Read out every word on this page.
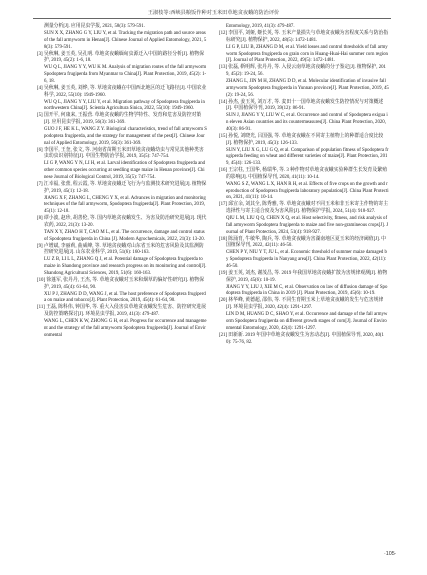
王淑枝等:西峡县粮饭作种对玉米田草地贪夜蛾的防治评价

测量分析[J]. 应用昆虫学报, 2021, 58(3): 579-591.

SUN X X, ZHANG G Y, LIU Y, et al. Tracking the migration path and source areas of the fall armyworm in Henan[J]. Chinese Journal of Applied Entomology, 2021, 58(3): 579-591.

[3] 吴秋琳, 姜玉英, 吴孔明. 草地贪夜蛾缅甸虫源迁入中国的路径分析[J]. 植物保护, 2019, 45(2): 1-6, 18.

WU Q L, JIANG Y Y, WU K M. Analysis of migration routes of the fall armyworm Spodoptera frugiperda from Myanmar to China[J]. Plant Protection, 2019, 45(2): 1-6, 18.

[4] 吴秋琳, 姜玉英, 刘烨, 等. 草地贪夜蛾在中国西北地区的迁飞路径[J]. 中国农业科学, 2022, 55(10): 1949-1960.

WU Q L, JIANG Y Y, LIU Y, et al. Migration pathway of Spodoptera frugiperda in northwestern China[J]. Scientia Agricultura Sinica, 2022, 55(10): 1949-1960.

[5] 国开平, 何康来, 王振营. 草地贪夜蛾的生物学特性、发育和危害及防控对策[J]. 应用昆虫学报, 2019, 56(3): 361-369.

GUO J F, HE K L, WANG Z Y. Biological characteristics, trend of fall armyworm Spodoptera frugiperda, and the strategy for management of the pest[J]. Chinese Journal of Applied Entomology, 2019, 56(3): 361-369.

[6] 李国平, 王奎, 张文, 等. 河南省苗期玉米田草地贪夜蛾幼虫与常见其他种类害虫幼虫识别特征[J]. 中国生物防治学报, 2019, 35(5): 747-754.

LI G P, WANG Y N, LI H, et al. Larval identification of Spodoptera frugiperda and other common species occurring at seedling stage maize in Henan province[J]. Chinese Journal of Biological Control, 2019, 35(5): 747-754.

[7] 江幸福, 张蕾, 程云霞, 等. 草地贪夜蛾迁飞行为与监测技术研究进展[J]. 植物保护, 2019, 45(1): 12-18.

JIANG X F, ZHANG L, CHENG Y X, et al. Advances in migration and monitoring techniques of the fall armyworm, Spodoptera frugiperda[J]. Plant Protection, 2019, 45(1): 12-18.

[8] 谭小波, 赵珍, 胡善伦, 等. 国内草地贪夜蛾发生、为害及防治研究进展[J]. 现代农药, 2022, 21(3): 13-20.

TAN X Y, ZHAO H T, CAO M L, et al. The occurrence, damage and control status of Spodoptera frugiperda in China [J]. Modern Agrochemicals, 2022, 21(3): 13-20.

[9] 卢增斌, 李丽莉, 曲威峰, 等. 草地贪夜蛾对山东省玉米的危害风险及其监测防控研究进展[J]. 山东农业科学, 2019, 51(6): 160-163.

LU Z B, LI L L, ZHANG Q J, et al. Potential damage of Spodoptera frugiperda to maize in Shandong province and research progress on its monitoring and control[J]. Shandong Agricultural Sciences, 2019, 51(6): 160-163.

[10] 徐蓬军, 张丹丹, 王杰, 等. 草地贪夜蛾对玉米和烟草的偏好性研究[J]. 植物保护, 2019, 45(4): 61-64, 90.

XU P J, ZHANG D D, WANG J, et al. The host preference of Spodoptera frugiperda on maize and tobacco[J]. Plant Protection, 2019, 45(4): 61-64, 90.

[11] 王磊, 陈科伟, 钟国华, 等. 重大入侵害虫草地贪夜蛾发生危害、防控研究进展及防控策略探讨[J]. 环境昆虫学报, 2019, 41(3): 479-487.

WANG L, CHEN K W, ZHONG G H, et al. Progress for occurrence and management and the strategy of the fall armyworm Spodoptera frugiperda[J]. Journal of Environmental

Entomology, 2019, 41(3): 479-487.

[12] 李国平, 刘娅, 姬长英, 等. 玉米产量损失与草地贪夜蛾为害程度关系与防治指标研究[J]. 植物保护, 2022, 48(5): 1472-1481.

LI G P, LIU B, ZHANG D M, et al. Yield losses and control thresholds of fall armyworm Spodoptera frugiperda on grain corn in Huang-Huai-Hai summer corn region[J]. Journal of Plant Protection, 2022, 49(5): 1472-1481.

[13] 张磊, 靳明辉, 张丹丹, 等. 入侵云南草地贪夜蛾的分子鉴定[J]. 植物保护, 2019, 45(2): 19-24, 56.

ZHANG L, JIN M H, ZHANG D D, et al. Molecular identification of invasive fall armyworm Spodoptera frugiperda in Yunnan province[J]. Plant Protection, 2019, 45(2): 19-24, 56.

[14] 孙杰, 姜玉英, 刘万才, 等. 麦田十一国草地贪夜蛾发生防控情况与对策概述[J]. 中国植保导刊, 2019, 39(12): 86-91.

SUN J, JIANG Y Y, LIU W C, et al. Occurrence and control of Spodoptera exigua in eleven Asian countries and its countermeasures[J]. China Plant Protection, 2020, 40(3): 86-91.

[15] 孙悦, 刘晓光, 吕国强, 等. 草地贪夜蛾在不同寄主植物上的种群适合度比较[J]. 植物保护, 2019, 45(3): 126-133.

SUN Y, LIU X G, LU G Q, et al. Comparison of population fitness of Spodoptera frugiperda feeding on wheat and different varieties of maize[J]. Plant Protection, 2019, 45(4): 126-133.

[16] 王宗柱, 王国华, 杨瑞华, 等. 3 种作物对草地贪夜蛾实验种群生长发育及繁殖的影响[J]. 中国植保导刊, 2020, 41(11): 10-14.

WANG S Z, WANG L X, HAN R H, et al. Effects of five crops on the growth and reproduction of Spodoptera frugiperda laboratory population[J]. China Plant Protection, 2021, 41(11): 10-14.

[17] 邱宣余, 刘其全, 陈秀雅, 等. 草地贪夜蛾对不同玉米和非玉米寄主作物的寄主选择性与寄主适合度及为害风险[J]. 植物保护学报, 2024, 51(4): 918-927.

QIU L M, LIU Q Q, CHEN X Q, et al. Host selectivity, fitness, and risk analysis of fall armyworm Spodoptera frugiperda to maize and five non-gramineous crops[J]. Journal of Plant Protection, 2024, 51(4): 918-927.

[18] 陈涌育, 牛敏华, 陶兵, 等. 草地贪夜蛾为害湖南地区夏玉米的经济阈值[J]. 中国植保导刊, 2022, 42(11): 46-50.

CHEN P Y, NIU Y T, JU L, et al. Economic threshold of summer maize damaged by Spodoptera frugiperda in Nanyang area[J]. China Plant Protection, 2022, 42(11): 46-50.

[19] 姜玉英, 刘杰, 谢茂昌, 等. 2019 年我国草地贪夜蛾扩散为害规律观测[J]. 植物保护, 2019, 45(6): 10-19.

JIANG Y Y, LIU J, XIE M C, et al. Observation on law of diffusion damage of Spodoptera frugiperda in China in 2019 [J]. Plant Protection, 2019, 45(6): 10-19.

[20] 林华峰, 黄德超, 邵伟, 等. 不同生育期玉米上草地贪夜蛾的发生与危害规律[J]. 环境昆虫学报, 2020, 42(4): 1291-1297.

LIN D M, HUANG D C, SHAO Y, et al. Occurrence and damage of the fall armyworm Spodoptera frugiperda on different growth stages of corn[J]. Journal of Environmental Entomology, 2020, 42(4): 1291-1297.

[21] 田新新. 2019 年国中草地贪夜蛾发生为害动态[J]. 中国植保导刊, 2020, 40(10): 75-76, 82.

·105·
